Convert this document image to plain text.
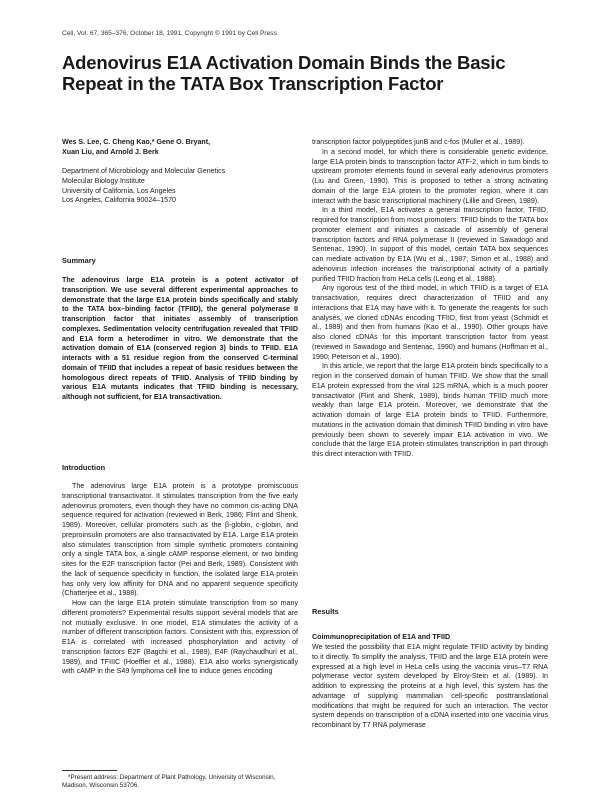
Cell, Vol. 67, 365–376, October 18, 1991, Copyright © 1991 by Cell Press
Adenovirus E1A Activation Domain Binds the Basic Repeat in the TATA Box Transcription Factor
Wes S. Lee, C. Cheng Kao,* Gene O. Bryant,
Xuan Liu, and Arnold J. Berk
Department of Microbiology and Molecular Genetics
Molecular Biology Institute
University of California, Los Angeles
Los Angeles, California 90024–1570
Summary
The adenovirus large E1A protein is a potent activator of transcription. We use several different experimental approaches to demonstrate that the large E1A protein binds specifically and stably to the TATA box–binding factor (TFIID), the general polymerase II transcription factor that initiates assembly of transcription complexes. Sedimentation velocity centrifugation revealed that TFIID and E1A form a heterodimer in vitro. We demonstrate that the activation domain of E1A (conserved region 3) binds to TFIID. E1A interacts with a 51 residue region from the conserved C-terminal domain of TFIID that includes a repeat of basic residues between the homologous direct repeats of TFIID. Analysis of TFIID binding by various E1A mutants indicates that TFIID binding is necessary, although not sufficient, for E1A transactivation.
Introduction

The adenovirus large E1A protein is a prototype promiscuous transcriptional transactivator. It stimulates transcription from the five early adenovirus promoters, even though they have no common cis-acting DNA sequence required for activation (reviewed in Berk, 1986; Flint and Shenk, 1989). Moreover, cellular promoters such as the β-globin, c-globin, and preproinsulin promoters are also transactivated by E1A. Large E1A protein also stimulates transcription from simple synthetic promoters containing only a single TATA box, a single cAMP response element, or two binding sites for the E2F transcription factor (Pei and Berk, 1989). Consistent with the lack of sequence specificity in function, the isolated large E1A protein has only very low affinity for DNA and no apparent sequence specificity (Chatterjee et al., 1988).

How can the large E1A protein stimulate transcription from so many different promoters? Experimental results support several models that are not mutually exclusive. In one model, E1A stimulates the activity of a number of different transcription factors. Consistent with this, expression of E1A is correlated with increased phosphorylation and activity of transcription factors E2F (Bagchi et al., 1989), E4F (Raychaudhuri et al., 1989), and TFIIIC (Hoeffler et al., 1988). E1A also works synergistically with cAMP in the S49 lymphoma cell line to induce genes encoding

*Present address: Department of Plant Pathology, University of Wisconsin, Madison, Wisconsin 53706.

transcription factor polypeptides junB and c-fos (Muller et al., 1989).

In a second model, for which there is considerable genetic evidence, large E1A protein binds to transcription factor ATF-2, which in turn binds to upstream promoter elements found in several early adenovirus promoters (Liu and Green, 1990). This is proposed to tether a strong activating domain of the large E1A protein to the promoter region, where it can interact with the basic transcriptional machinery (Lillie and Green, 1989).

In a third model, E1A activates a general transcription factor, TFIID, required for transcription from most promoters. TFIID binds to the TATA box promoter element and initiates a cascade of assembly of general transcription factors and RNA polymerase II (reviewed in Sawadogo and Sentenac, 1990). In support of this model, certain TATA box sequences can mediate activation by E1A (Wu et al., 1987; Simon et al., 1988) and adenovirus infection increases the transcriptional activity of a partially purified TFIID fraction from HeLa cells (Leong et al., 1988).

Any rigorous test of the third model, in which TFIID is a target of E1A transactivation, requires direct characterization of TFIID and any interactions that E1A may have with it. To generate the reagents for such analyses, we cloned cDNAs encoding TFIID, first from yeast (Schmidt et al., 1989) and then from humans (Kao et al., 1990). Other groups have also cloned cDNAs for this important transcription factor from yeast (reviewed in Sawadogo and Sentenac, 1990) and humans (Hoffman et al., 1990; Peterson et al., 1990).

In this article, we report that the large E1A protein binds specifically to a region in the conserved domain of human TFIID. We show that the small E1A protein expressed from the viral 12S mRNA, which is a much poorer transactivator (Flint and Shenk, 1989), binds human TFIID much more weakly than large E1A protein. Moreover, we demonstrate that the activation domain of large E1A protein binds to TFIID. Furthermore, mutations in the activation domain that diminish TFIID binding in vitro have previously been shown to severely impair E1A activation in vivo. We conclude that the large E1A protein stimulates transcription in part through this direct interaction with TFIID.

Results
Coimmunoprecipitation of E1A and TFIID

We tested the possibility that E1A might regulate TFIID activity by binding to it directly. To simplify the analysis, TFIID and the large E1A protein were expressed at a high level in HeLa cells using the vaccinia virus–T7 RNA polymerase vector system developed by Elroy-Stein et al. (1989). In addition to expressing the proteins at a high level, this system has the advantage of supplying mammalian cell-specific posttranslational modifications that might be required for such an interaction. The vector system depends on transcription of a cDNA inserted into one vaccinia virus recombinant by T7 RNA polymerase
